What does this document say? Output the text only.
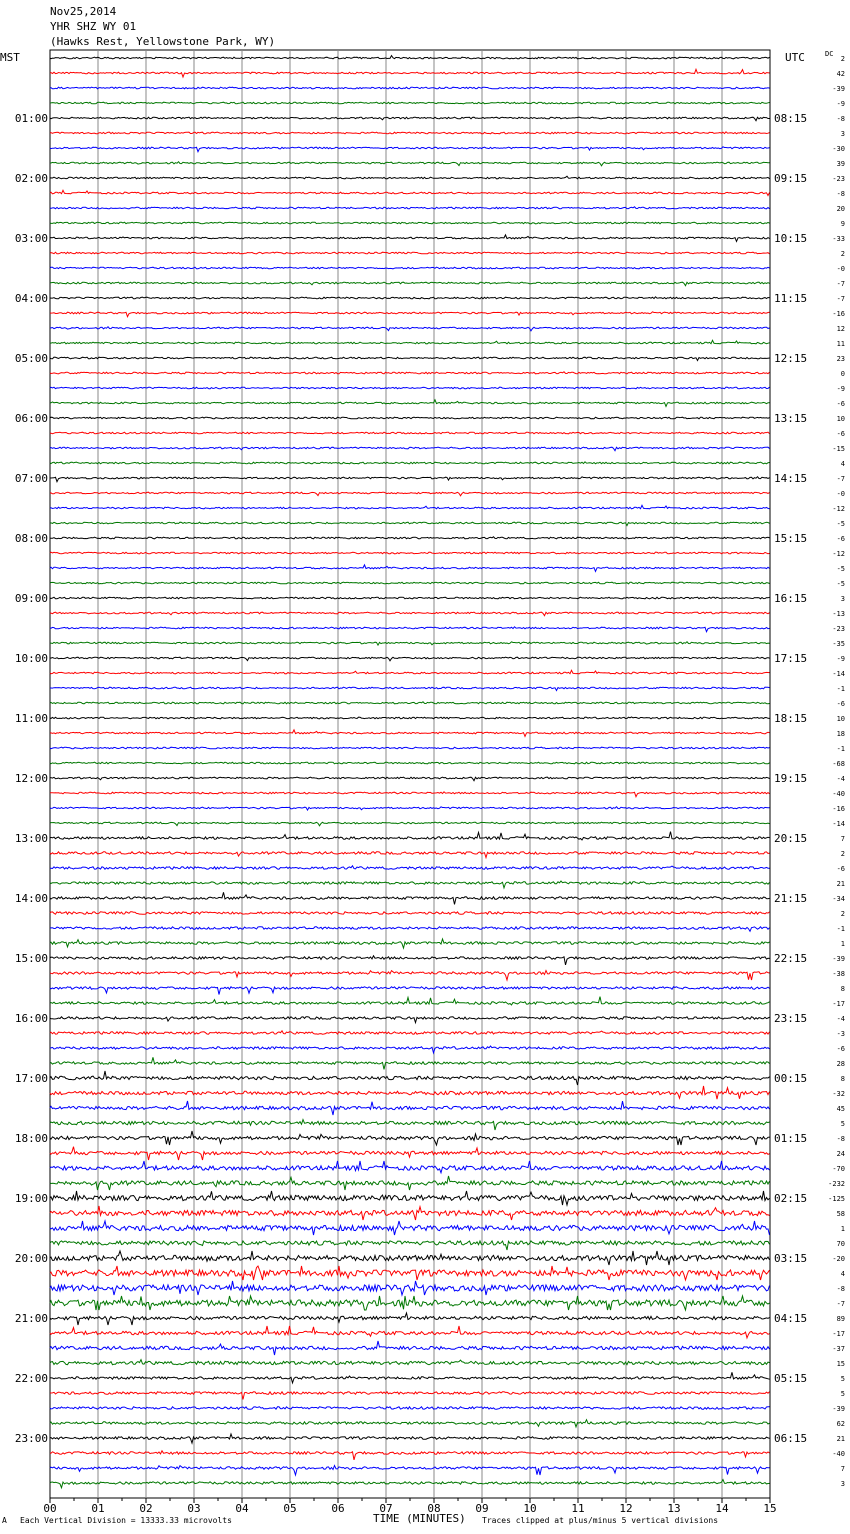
Nov25,2014
YHR SHZ WY 01
(Hawks Rest, Yellowstone Park, WY)
00	01	02	03	04	05	06	07	08	09	10	11	12	13	14	15
MST	UTC	DC
2
42
-39
-9
-8
3
-30
39
-23
-8
20
9
-33
2
-0
-7
-7
-16
12
11
23
0
-9
-6
10
-6
-15
4
-7
-0
-12
-5
-6
-12
-5
-5
3
-13
-23
-35
-9
-14
-1
-6
10
18
-1
-68
-4
-40
-16
-14
7
2
-6
21
-34
2
-1
1
-39
-38
8
-17
-4
-3
-6
28
8
-32
45
5
-8
24
-70
-232
-125
58
1
70
-20
4
-8
-7
89
-17
-37
15
5
5
-39
62
21
-40
7
3
01:00
02:00
03:00
04:00
05:00
06:00
07:00
08:00
09:00
10:00
11:00
12:00
13:00
14:00
15:00
16:00
17:00
18:00
19:00
20:00
21:00
22:00
23:00
08:15
09:15
10:15
11:15
12:15
13:15
14:15
15:15
16:15
17:15
18:15
19:15
20:15
21:15
22:15
23:15
00:15
01:15
02:15
03:15
04:15
05:15
06:15
A Each Vertical Division = 13333.33 microvolts	TIME (MINUTES) Traces clipped at plus/minus 5 vertical divisions
